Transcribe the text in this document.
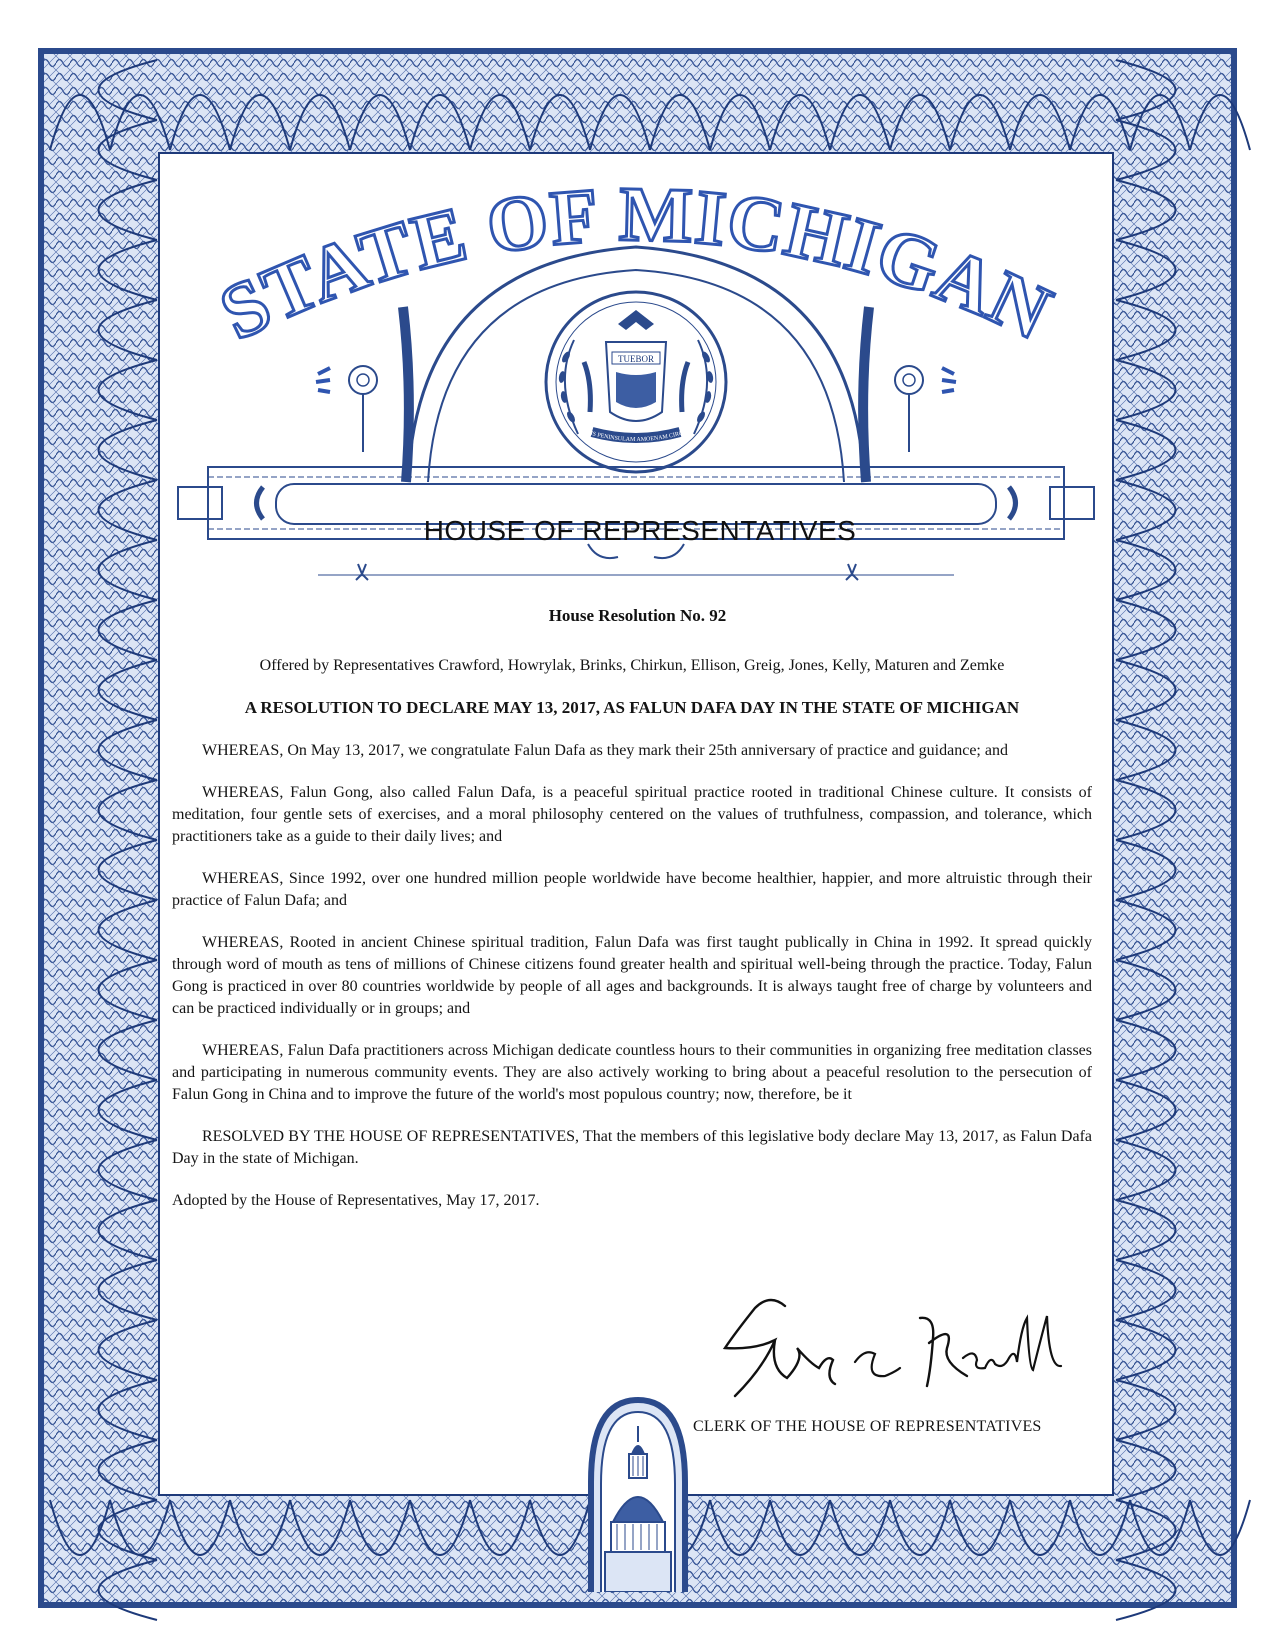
STATE OF MICHIGAN
TUEBOR
RIS PENINSULAM AMOENAM CIRC
HOUSE OF REPRESENTATIVES
House Resolution No. 92

Offered by Representatives Crawford, Howrylak, Brinks, Chirkun, Ellison, Greig, Jones, Kelly, Maturen and Zemke

A RESOLUTION TO DECLARE MAY 13, 2017, AS FALUN DAFA DAY IN THE STATE OF MICHIGAN

WHEREAS, On May 13, 2017, we congratulate Falun Dafa as they mark their 25th anniversary of practice and guidance; and

WHEREAS, Falun Gong, also called Falun Dafa, is a peaceful spiritual practice rooted in traditional Chinese culture. It consists of meditation, four gentle sets of exercises, and a moral philosophy centered on the values of truthfulness, compassion, and tolerance, which practitioners take as a guide to their daily lives; and

WHEREAS, Since 1992, over one hundred million people worldwide have become healthier, happier, and more altruistic through their practice of Falun Dafa; and

WHEREAS, Rooted in ancient Chinese spiritual tradition, Falun Dafa was first taught publically in China in 1992. It spread quickly through word of mouth as tens of millions of Chinese citizens found greater health and spiritual well-being through the practice. Today, Falun Gong is practiced in over 80 countries worldwide by people of all ages and backgrounds. It is always taught free of charge by volunteers and can be practiced individually or in groups; and

WHEREAS, Falun Dafa practitioners across Michigan dedicate countless hours to their communities in organizing free meditation classes and participating in numerous community events. They are also actively working to bring about a peaceful resolution to the persecution of Falun Gong in China and to improve the future of the world's most populous country; now, therefore, be it

RESOLVED BY THE HOUSE OF REPRESENTATIVES, That the members of this legislative body declare May 13, 2017, as Falun Dafa Day in the state of Michigan.

Adopted by the House of Representatives, May 17, 2017.

CLERK OF THE HOUSE OF REPRESENTATIVES
